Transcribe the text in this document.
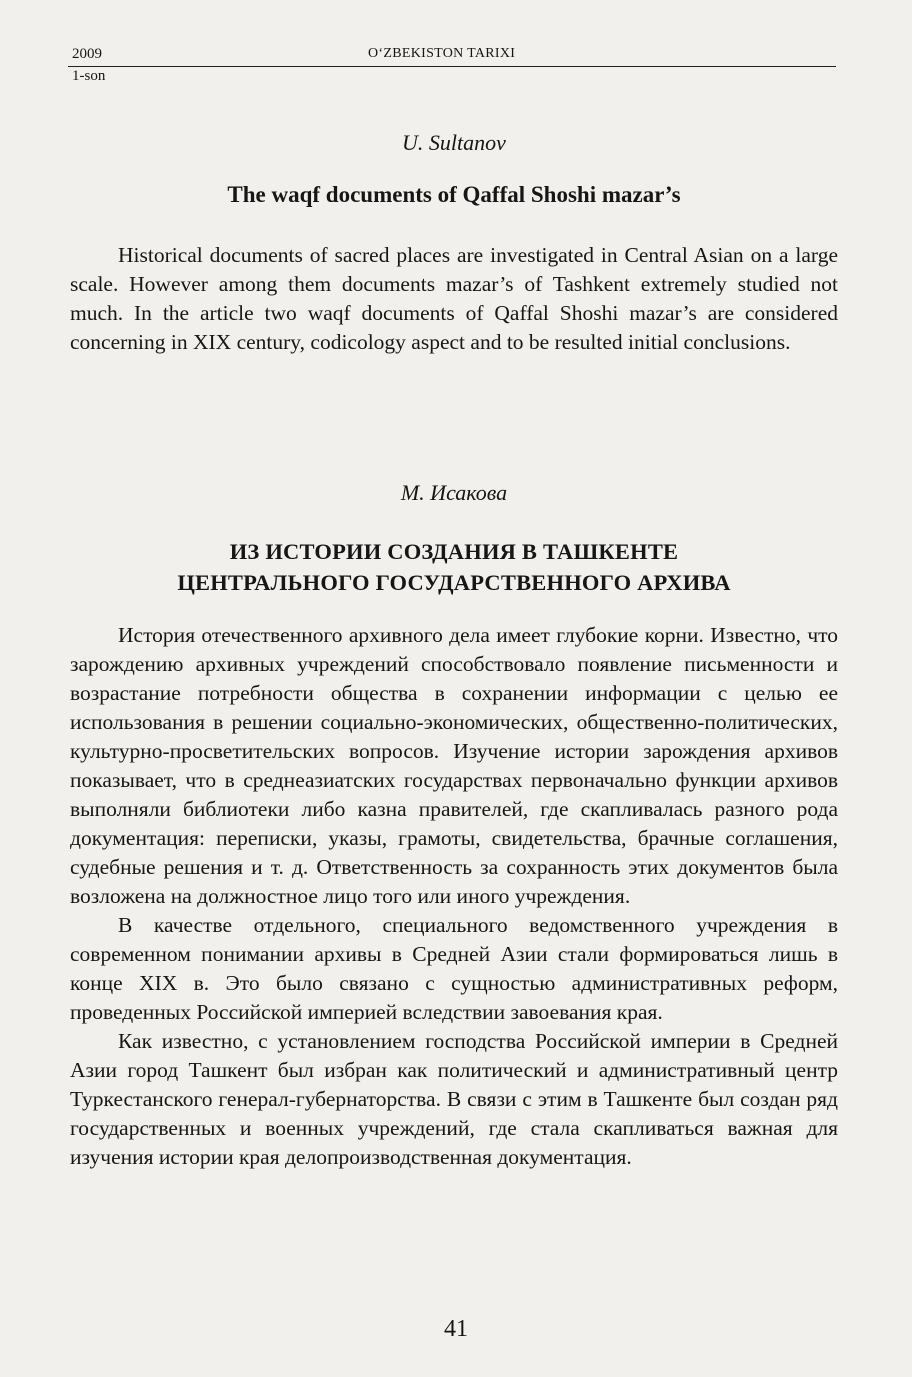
2009	O‘ZBEKISTON TARIXI
1-son
U. Sultanov
The waqf documents of Qaffal Shoshi mazar’s

Historical documents of sacred places are investigated in Central Asian on a large scale. However among them documents mazar’s of Tashkent extremely studied not much. In the article two waqf documents of Qaffal Shoshi mazar’s are considered concerning in XIX century, codicology aspect and to be resulted initial conclusions.

М. Исакова
ИЗ ИСТОРИИ СОЗДАНИЯ В ТАШКЕНТЕ
ЦЕНТРАЛЬНОГО ГОСУДАРСТВЕННОГО АРХИВА

История отечественного архивного дела имеет глубокие корни. Известно, что зарождению архивных учреждений способствовало появление письменности и возрастание потребности общества в сохранении информации с целью ее использования в решении социально-экономических, общественно-политических, культурно-просветительских вопросов. Изучение истории зарождения архивов показывает, что в среднеазиатских государствах первоначально функции архивов выполняли библиотеки либо казна правителей, где скапливалась разного рода документация: переписки, указы, грамоты, свидетельства, брачные соглашения, судебные решения и т. д. Ответственность за сохранность этих документов была возложена на должностное лицо того или иного учреждения.

В качестве отдельного, специального ведомственного учреждения в современном понимании архивы в Средней Азии стали формироваться лишь в конце XIX в. Это было связано с сущностью административных реформ, проведенных Российской империей вследствии завоевания края.

Как известно, с установлением господства Российской империи в Средней Азии город Ташкент был избран как политический и административный центр Туркестанского генерал-губернаторства. В связи с этим в Ташкенте был создан ряд государственных и военных учреждений, где стала скапливаться важная для изучения истории края делопроизводственная документация.

41
